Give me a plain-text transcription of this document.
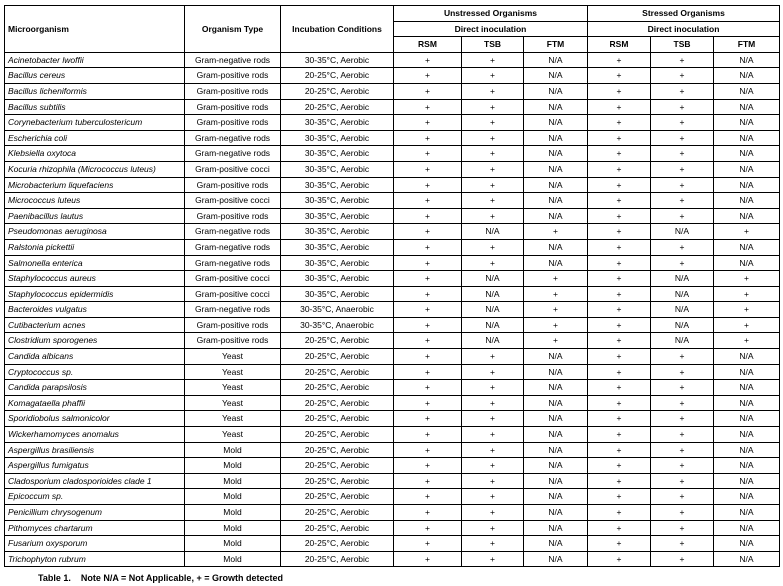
Microorganism	Organism Type	Incubation Conditions	Unstressed Organisms			Stressed Organisms		
			Direct inoculation			Direct inoculation		
			RSM	TSB	FTM	RSM	TSB	FTM
Acinetobacter lwoffii	Gram-negative rods	30-35°C, Aerobic	+	+	N/A	+	+	N/A
Bacillus cereus	Gram-positive rods	20-25°C, Aerobic	+	+	N/A	+	+	N/A
Bacillus licheniformis	Gram-positive rods	20-25°C, Aerobic	+	+	N/A	+	+	N/A
Bacillus subtilis	Gram-positive rods	20-25°C, Aerobic	+	+	N/A	+	+	N/A
Corynebacterium tuberculostericum	Gram-positive rods	30-35°C, Aerobic	+	+	N/A	+	+	N/A
Escherichia coli	Gram-negative rods	30-35°C, Aerobic	+	+	N/A	+	+	N/A
Klebsiella oxytoca	Gram-negative rods	30-35°C, Aerobic	+	+	N/A	+	+	N/A
Kocuria rhizophila (Micrococcus luteus)	Gram-positive cocci	30-35°C, Aerobic	+	+	N/A	+	+	N/A
Microbacterium liquefaciens	Gram-positive rods	30-35°C, Aerobic	+	+	N/A	+	+	N/A
Micrococcus luteus	Gram-positive cocci	30-35°C, Aerobic	+	+	N/A	+	+	N/A
Paenibacillus lautus	Gram-positive rods	30-35°C, Aerobic	+	+	N/A	+	+	N/A
Pseudomonas aeruginosa	Gram-negative rods	30-35°C, Aerobic	+	N/A	+	+	N/A	+
Ralstonia pickettii	Gram-negative rods	30-35°C, Aerobic	+	+	N/A	+	+	N/A
Salmonella enterica	Gram-negative rods	30-35°C, Aerobic	+	+	N/A	+	+	N/A
Staphylococcus aureus	Gram-positive cocci	30-35°C, Aerobic	+	N/A	+	+	N/A	+
Staphylococcus epidermidis	Gram-positive cocci	30-35°C, Aerobic	+	N/A	+	+	N/A	+
Bacteroides vulgatus	Gram-negative rods	30-35°C, Anaerobic	+	N/A	+	+	N/A	+
Cutibacterium acnes	Gram-positive rods	30-35°C, Anaerobic	+	N/A	+	+	N/A	+
Clostridium sporogenes	Gram-positive rods	20-25°C, Aerobic	+	N/A	+	+	N/A	+
Candida albicans	Yeast	20-25°C, Aerobic	+	+	N/A	+	+	N/A
Cryptococcus sp.	Yeast	20-25°C, Aerobic	+	+	N/A	+	+	N/A
Candida parapsilosis	Yeast	20-25°C, Aerobic	+	+	N/A	+	+	N/A
Komagataella phaffii	Yeast	20-25°C, Aerobic	+	+	N/A	+	+	N/A
Sporidiobolus salmonicolor	Yeast	20-25°C, Aerobic	+	+	N/A	+	+	N/A
Wickerhamomyces anomalus	Yeast	20-25°C, Aerobic	+	+	N/A	+	+	N/A
Aspergillus brasiliensis	Mold	20-25°C, Aerobic	+	+	N/A	+	+	N/A
Aspergillus fumigatus	Mold	20-25°C, Aerobic	+	+	N/A	+	+	N/A
Cladosporium cladosporioides clade 1	Mold	20-25°C, Aerobic	+	+	N/A	+	+	N/A
Epicoccum sp.	Mold	20-25°C, Aerobic	+	+	N/A	+	+	N/A
Penicillium chrysogenum	Mold	20-25°C, Aerobic	+	+	N/A	+	+	N/A
Pithomyces chartarum	Mold	20-25°C, Aerobic	+	+	N/A	+	+	N/A
Fusarium oxysporum	Mold	20-25°C, Aerobic	+	+	N/A	+	+	N/A
Trichophyton rubrum	Mold	20-25°C, Aerobic	+	+	N/A	+	+	N/A
Table 1.    Note N/A = Not Applicable, + = Growth detected
